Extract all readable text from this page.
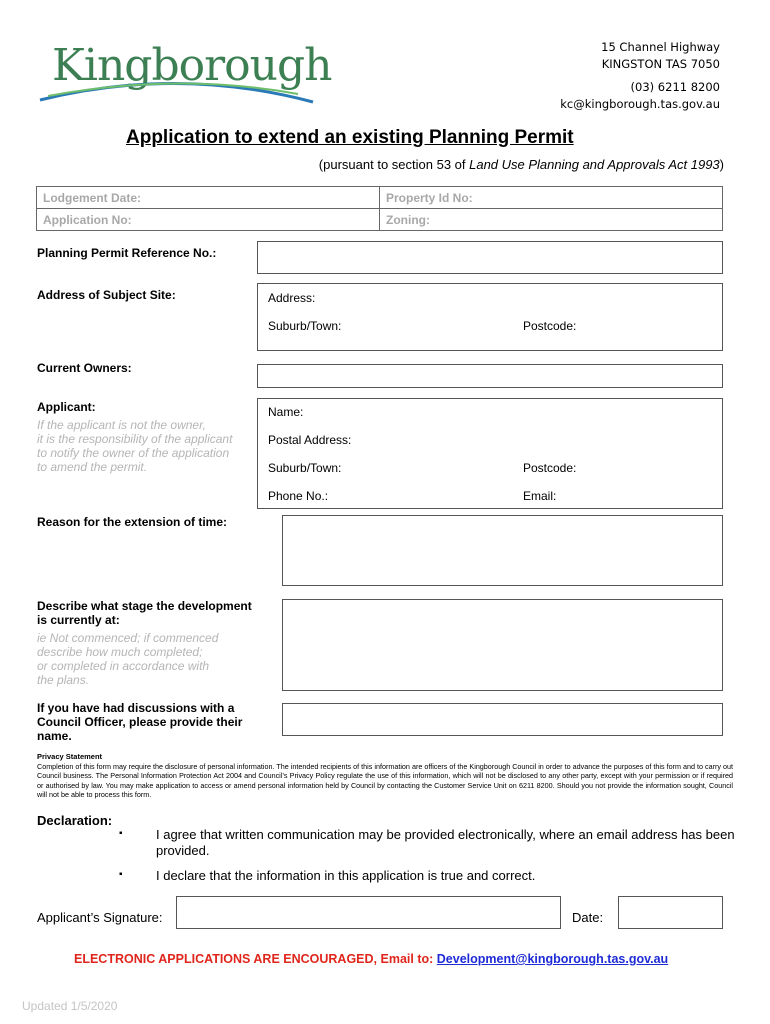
Kingborough	15 Channel Highway
KINGSTON TAS 7050
(03) 6211 8200
kc@kingborough.tas.gov.au
Application to extend an existing Planning Permit
(pursuant to section 53 of Land Use Planning and Approvals Act 1993)
Lodgement Date:	Property Id No:
Application No:	Zoning:
Planning Permit Reference No.:
Address of Subject Site:	Address:
Suburb/Town:	Postcode:
Current Owners:
Applicant:
If the applicant is not the owner,
it is the responsibility of the applicant
to notify the owner of the application
to amend the permit.
Name:
Postal Address:
Suburb/Town:	Postcode:
Phone No.:	Email:
Reason for the extension of time:
Describe what stage the development
is currently at:
ie Not commenced; if commenced
describe how much completed;
or completed in accordance with
the plans.
If you have had discussions with a
Council Officer, please provide their
name.
Privacy Statement
Completion of this form may require the disclosure of personal information. The intended recipients of this information are officers of the Kingborough Council in order to advance the purposes of this form and to carry out Council business. The Personal Information Protection Act 2004 and Council’s Privacy Policy regulate the use of this information, which will not be disclosed to any other party, except with your permission or if required or authorised by law. You may make application to access or amend personal information held by Council by contacting the Customer Service Unit on 6211 8200. Should you not provide the information sought, Council will not be able to process this form.
Declaration:
▪	I agree that written communication may be provided electronically, where an email address has been
provided.
▪	I declare that the information in this application is true and correct.
Applicant’s Signature:	Date:
ELECTRONIC APPLICATIONS ARE ENCOURAGED, Email to: Development@kingborough.tas.gov.au
Updated 1/5/2020
